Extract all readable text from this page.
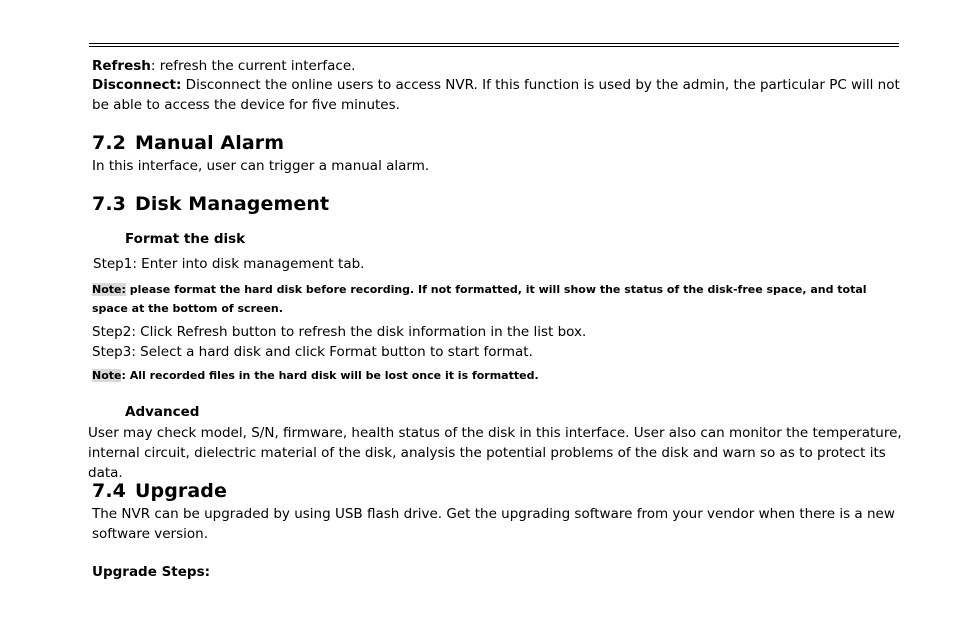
Refresh: refresh the current interface.
Disconnect: Disconnect the online users to access NVR. If this function is used by the admin, the particular PC will not be able to access the device for five minutes.
7.2 Manual Alarm
In this interface, user can trigger a manual alarm.
7.3 Disk Management
Format the disk
Step1: Enter into disk management tab.
Note: please format the hard disk before recording. If not formatted, it will show the status of the disk-free space, and total space at the bottom of screen.
Step2: Click Refresh button to refresh the disk information in the list box.
Step3: Select a hard disk and click Format button to start format.
Note: All recorded files in the hard disk will be lost once it is formatted.
Advanced
User may check model, S/N, firmware, health status of the disk in this interface. User also can monitor the temperature, internal circuit, dielectric material of the disk, analysis the potential problems of the disk and warn so as to protect its data.
7.4 Upgrade
The NVR can be upgraded by using USB flash drive. Get the upgrading software from your vendor when there is a new software version.
Upgrade Steps:
